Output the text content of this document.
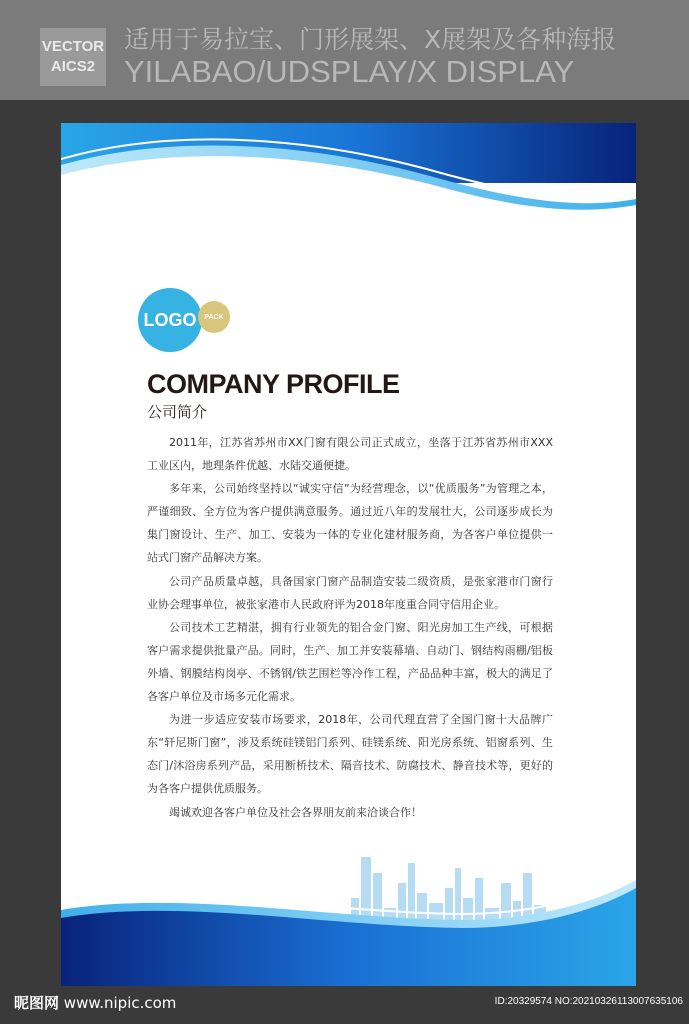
VECTOR
AICS2
适用于易拉宝、门形展架、X展架及各种海报
YILABAO/UDSPLAY/X DISPLAY
LOGO PACK
COMPANY PROFILE
公司简介

2011年，江苏省苏州市XX门窗有限公司正式成立，坐落于江苏省苏州市XXX工业区内，地理条件优越、水陆交通便捷。

多年来，公司始终坚持以“诚实守信”为经营理念，以“优质服务”为管理之本，严谨细致、全方位为客户提供满意服务。通过近八年的发展壮大，公司逐步成长为集门窗设计、生产、加工、安装为一体的专业化建材服务商，为各客户单位提供一站式门窗产品解决方案。

公司产品质量卓越，具备国家门窗产品制造安装二级资质，是张家港市门窗行业协会理事单位，被张家港市人民政府评为2018年度重合同守信用企业。

公司技术工艺精湛，拥有行业领先的铝合金门窗、阳光房加工生产线，可根据客户需求提供批量产品。同时，生产、加工并安装幕墙、自动门、钢结构雨棚/铝板外墙、钢膜结构岗亭、不锈钢/铁艺围栏等冷作工程，产品品种丰富，极大的满足了各客户单位及市场多元化需求。

为进一步适应安装市场要求，2018年，公司代理直营了全国门窗十大品牌广东“轩尼斯门窗”，涉及系统硅镁铝门系列、硅镁系统、阳光房系统、铝窗系列、生态门/沐浴房系列产品，采用断桥技术、隔音技术、防腐技术、静音技术等，更好的为各客户提供优质服务。

竭诚欢迎各客户单位及社会各界朋友前来洽谈合作！

昵图网 www.nipic.com	ID:20329574 NO:20210326113007635106
